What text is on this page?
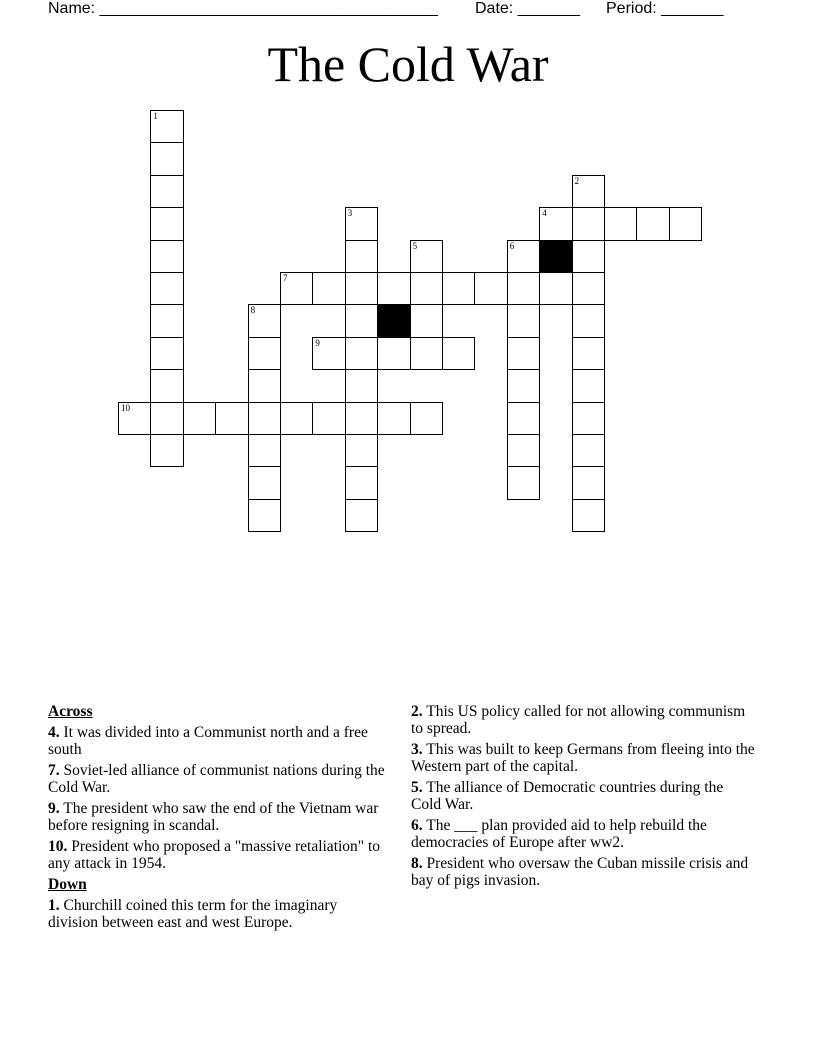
Name: ______________________________________ Date: _______ Period: _______
The Cold War
1
2
4
3
5	6
7
8
9
10
Across
4. It was divided into a Communist north and a free south
7. Soviet-led alliance of communist nations during the Cold War.
9. The president who saw the end of the Vietnam war before resigning in scandal.
10. President who proposed a "massive retaliation" to any attack in 1954.
Down
1. Churchill coined this term for the imaginary division between east and west Europe.
2. This US policy called for not allowing communism to spread.
3. This was built to keep Germans from fleeing into the Western part of the capital.
5. The alliance of Democratic countries during the Cold War.
6. The ___ plan provided aid to help rebuild the democracies of Europe after ww2.
8. President who oversaw the Cuban missile crisis and bay of pigs invasion.
